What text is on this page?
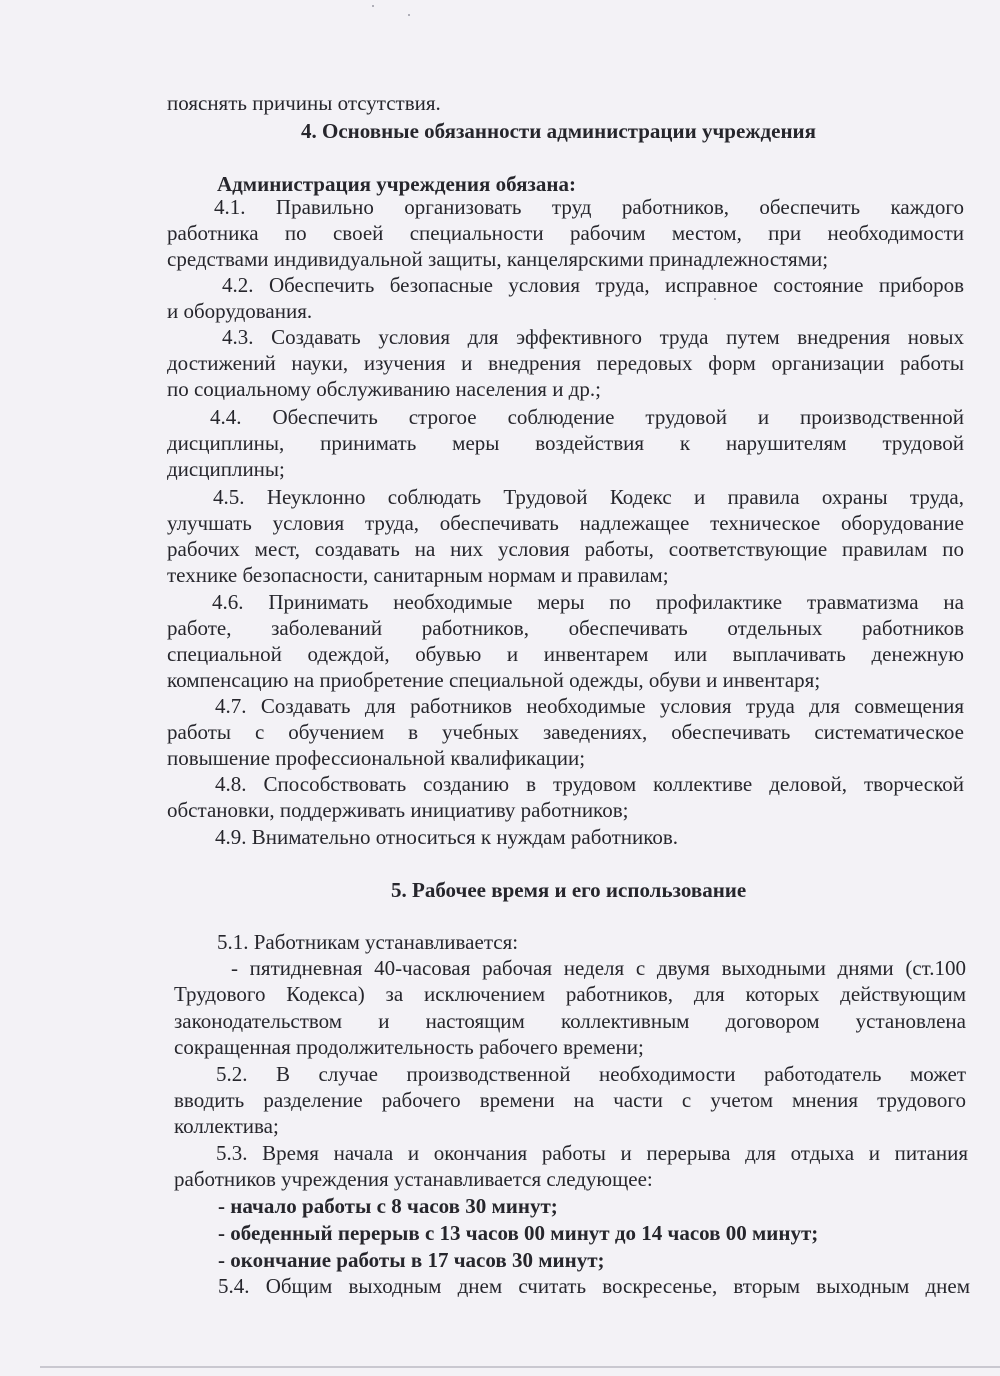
пояснять причины отсутствия.
4. Основные обязанности администрации учреждения
Администрация учреждения обязана:
4.1. Правильно организовать труд работников, обеспечить каждого
работника по своей специальности рабочим местом, при необходимости
средствами индивидуальной защиты, канцелярскими принадлежностями;
4.2. Обеспечить безопасные условия труда, исправное состояние приборов
и оборудования.
4.3. Создавать условия для эффективного труда путем внедрения новых
достижений науки, изучения и внедрения передовых форм организации работы
по социальному обслуживанию населения и др.;
4.4. Обеспечить строгое соблюдение трудовой и производственной
дисциплины, принимать меры воздействия к нарушителям трудовой
дисциплины;
4.5. Неуклонно соблюдать Трудовой Кодекс и правила охраны труда,
улучшать условия труда, обеспечивать надлежащее техническое оборудование
рабочих мест, создавать на них условия работы, соответствующие правилам по
технике безопасности, санитарным нормам и правилам;
4.6. Принимать необходимые меры по профилактике травматизма на
работе, заболеваний работников, обеспечивать отдельных работников
специальной одеждой, обувью и инвентарем или выплачивать денежную
компенсацию на приобретение специальной одежды, обуви и инвентаря;
4.7. Создавать для работников необходимые условия труда для совмещения
работы с обучением в учебных заведениях, обеспечивать систематическое
повышение профессиональной квалификации;
4.8. Способствовать созданию в трудовом коллективе деловой, творческой
обстановки, поддерживать инициативу работников;
4.9. Внимательно относиться к нуждам работников.
5. Рабочее время и его использование
5.1. Работникам устанавливается:
- пятидневная 40-часовая рабочая неделя с двумя выходными днями (ст.100
Трудового Кодекса) за исключением работников, для которых действующим
законодательством и настоящим коллективным договором установлена
сокращенная продолжительность рабочего времени;
5.2. В случае производственной необходимости работодатель может
вводить разделение рабочего времени на части с учетом мнения трудового
коллектива;
5.3. Время начала и окончания работы и перерыва для отдыха и питания
работников учреждения устанавливается следующее:
- начало работы с 8 часов 30 минут;
- обеденный перерыв с 13 часов 00 минут до 14 часов 00 минут;
- окончание работы в 17 часов 30 минут;
5.4. Общим выходным днем считать воскресенье, вторым выходным днем
